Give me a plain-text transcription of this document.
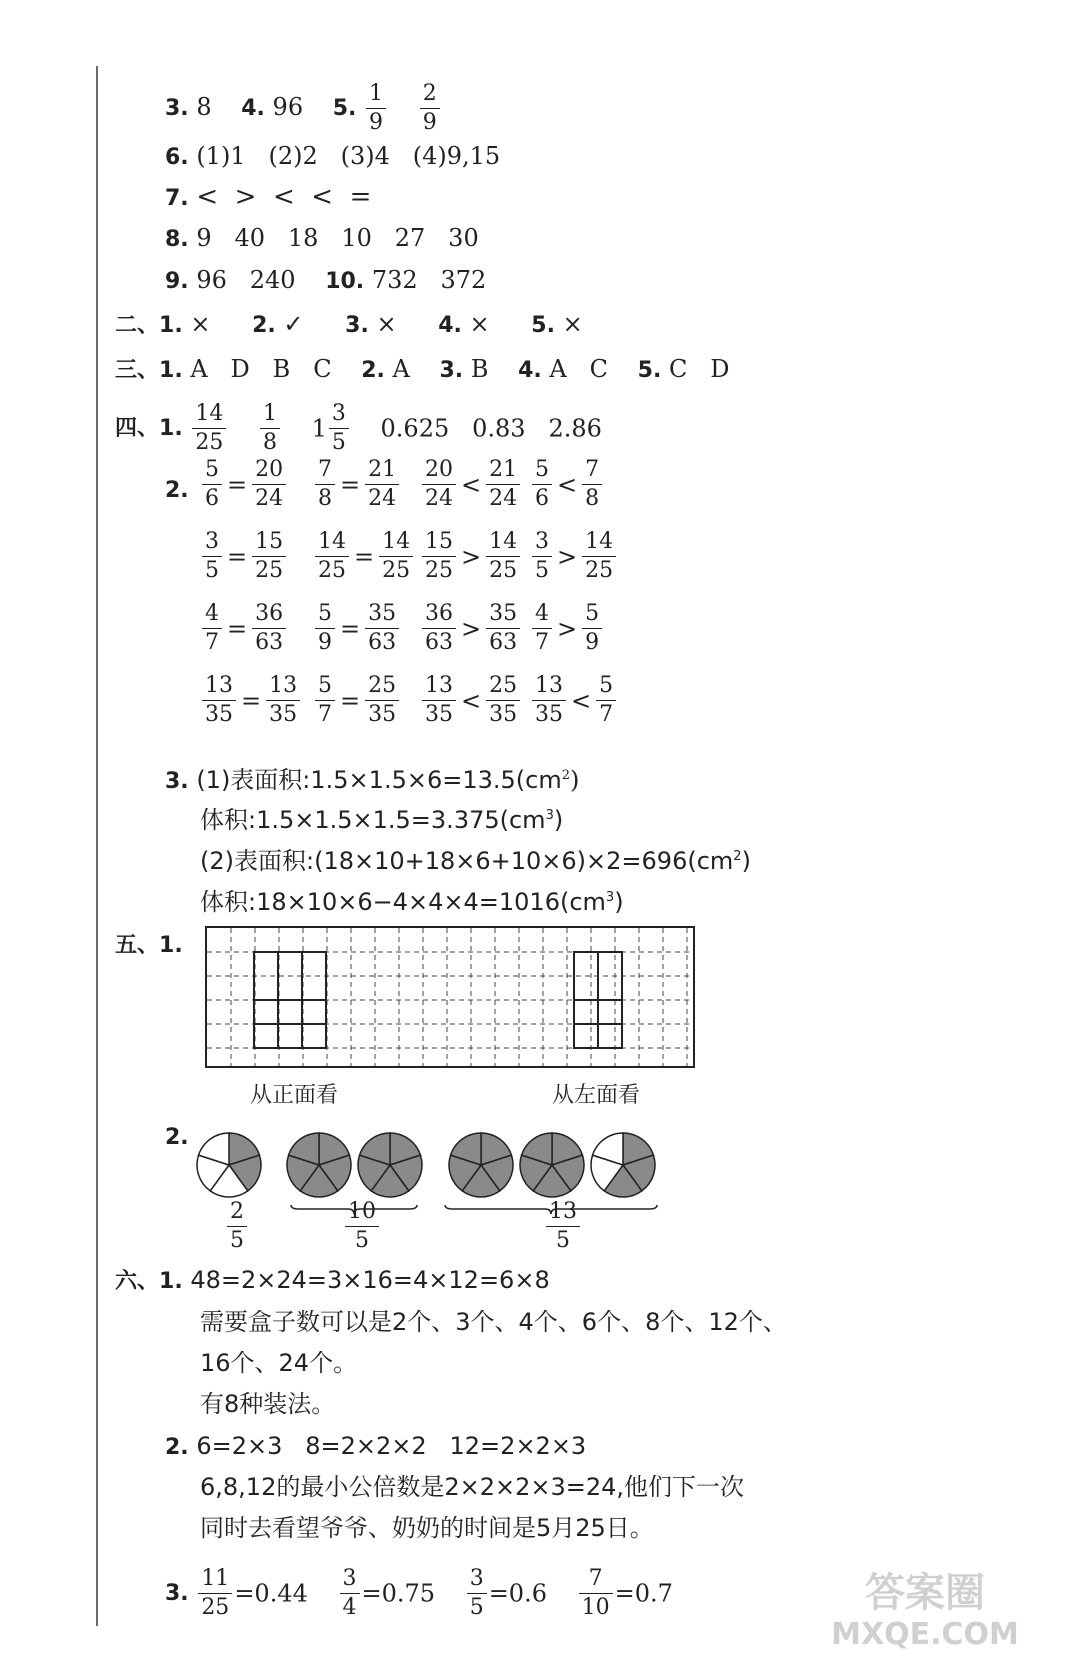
3. 8 4. 96 5. $\frac{1}{9}$
$\frac{2}{9}$
6. (1)1   (2)2   (3)4   (4)9,15
7. <  >  <  <  =
8. 9   40   18   10   27   30
9. 96   240 10. 732   372
二、1. × 2. ✓ 3. × 4. × 5. ×
三、1. A   D   B   C 2. A 3. B 4. A   C 5. C   D
四、1. $\frac{14}{25}$
$\frac{1}{8} 1 \frac{3}{5} 0.625$   0.83   2.86
2. $\frac{5}{6} = \frac{20}{24} \frac{7}{8} = \frac{21}{24} \frac{20}{24} < \frac{21}{24} \frac{5}{6} < \frac{7}{8}$
$\frac{3}{5} = \frac{15}{25} \frac{14}{25} = \frac{14}{25} \frac{15}{25} > \frac{14}{25} \frac{3}{5} > \frac{14}{25}$
$\frac{4}{7} = \frac{36}{63} \frac{5}{9} = \frac{35}{63} \frac{36}{63} > \frac{35}{63} \frac{4}{7} > \frac{5}{9}$
$\frac{13}{35} = \frac{13}{35} \frac{5}{7} = \frac{25}{35} \frac{13}{35} < \frac{25}{35} \frac{13}{35} < \frac{5}{7}$
3. (1)表面积$:1.5\times 1.5\times 6=13.5(cm^2)$
体积$:1.5\times 1.5\times 1.5=3.375(cm^3)$
(2)表面积$:(18\times 10+18\times 6+10\times 6)\times 2=696(cm^2)$
体积$:18\times 10\times 6-4\times 4\times 4=1016(cm^3)$
五、1.
从正面看	从左面看
2.
$\frac{2}{5}$	$\frac{10}{5}$	$\frac{13}{5}$
六、1. 48=2×24=3×16=4×12=6×8
需要盒子数可以是2个、3个、4个、6个、8个、12个、
16个、24个。
有8种装法。
2. 6=2×3   8=2×2×2   12=2×2×3
6,8,12的最小公倍数是2×2×2×3=24,他们下一次
同时去看望爷爷、奶奶的时间是5月25日。
3. $\frac{11}{25} =0.44 \frac{3}{4} =0.75 \frac{3}{5} =0.6 \frac{7}{10} =0.7$	答案圈
MXQE.COM
